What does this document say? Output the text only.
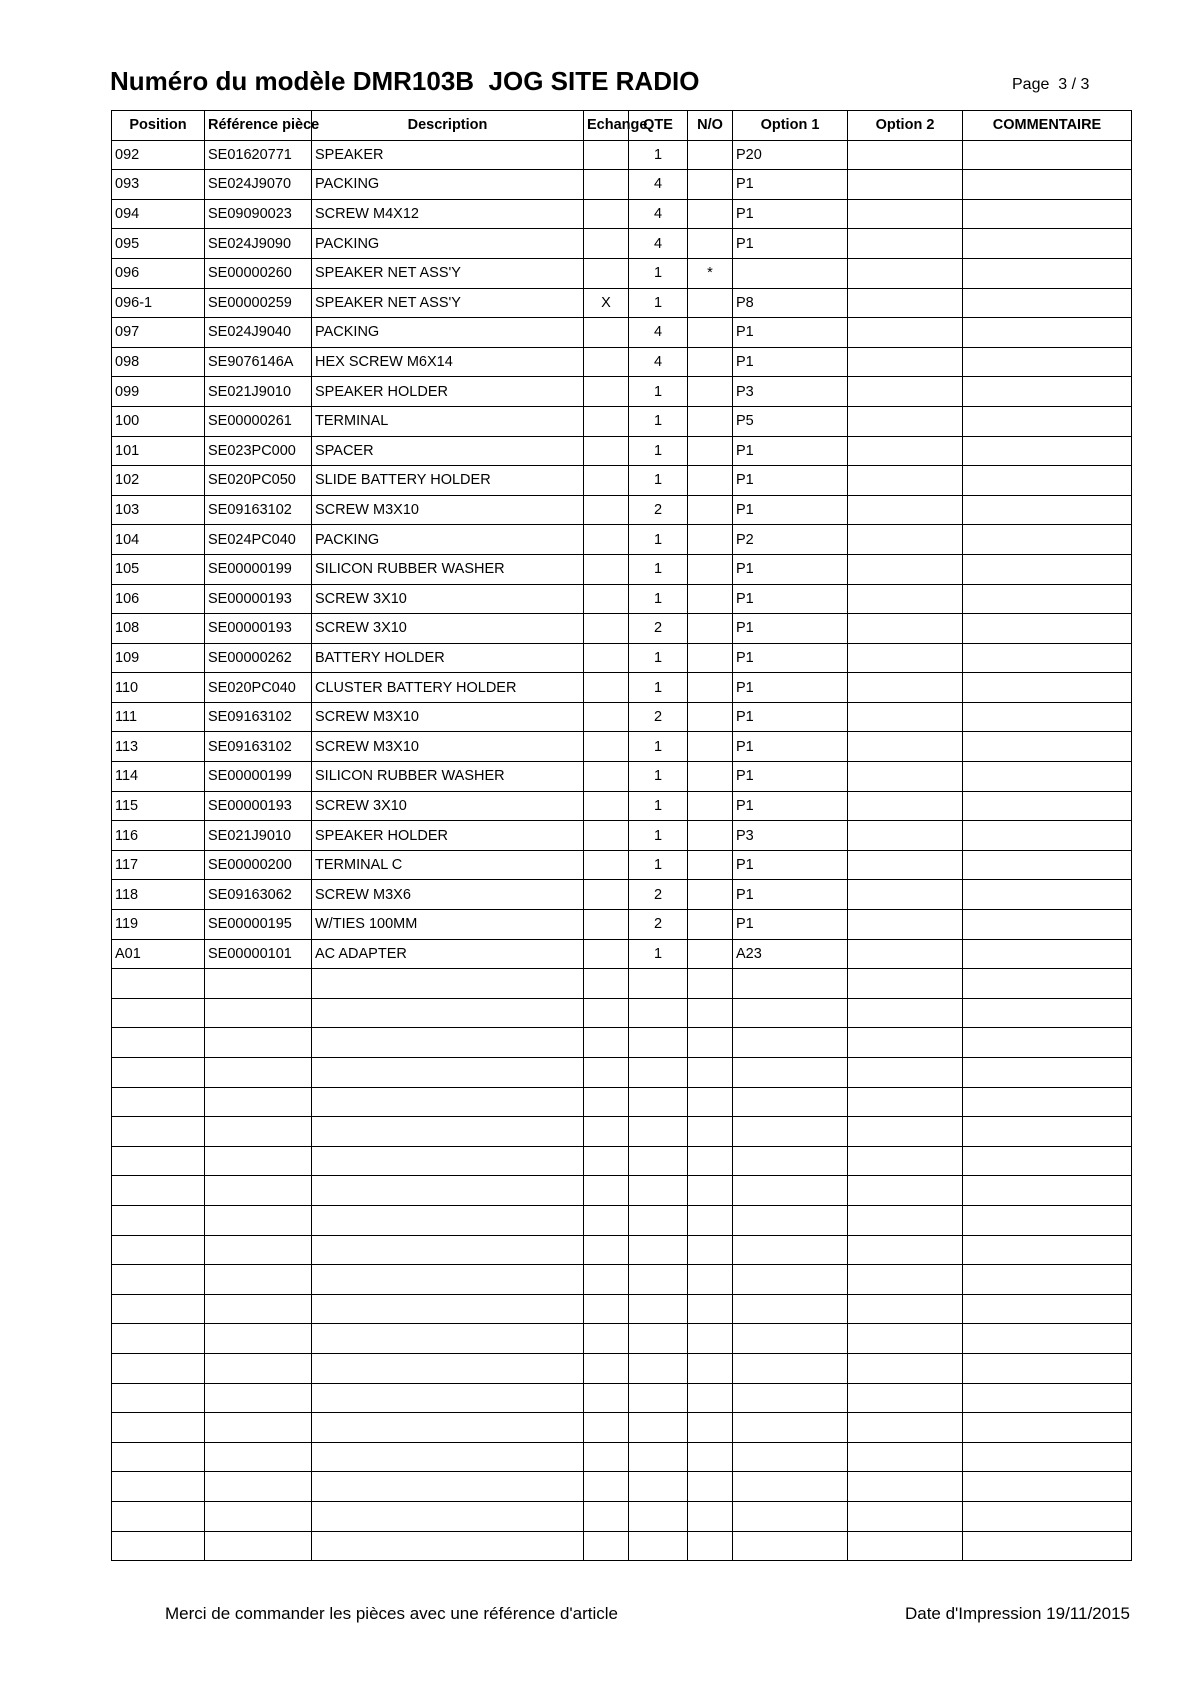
Numéro du modèle DMR103B  JOG SITE RADIO	Page  3 / 3
Position	Référence pièce	Description	Echange	QTE	N/O	Option 1	Option 2	COMMENTAIRE
092	SE01620771	SPEAKER		1		P20		
093	SE024J9070	PACKING		4		P1		
094	SE09090023	SCREW M4X12		4		P1		
095	SE024J9090	PACKING		4		P1		
096	SE00000260	SPEAKER NET ASS'Y		1	*			
096-1	SE00000259	SPEAKER NET ASS'Y	X	1		P8		
097	SE024J9040	PACKING		4		P1		
098	SE9076146A	HEX SCREW M6X14		4		P1		
099	SE021J9010	SPEAKER HOLDER		1		P3		
100	SE00000261	TERMINAL		1		P5		
101	SE023PC000	SPACER		1		P1		
102	SE020PC050	SLIDE BATTERY HOLDER		1		P1		
103	SE09163102	SCREW M3X10		2		P1		
104	SE024PC040	PACKING		1		P2		
105	SE00000199	SILICON RUBBER WASHER		1		P1		
106	SE00000193	SCREW 3X10		1		P1		
108	SE00000193	SCREW 3X10		2		P1		
109	SE00000262	BATTERY HOLDER		1		P1		
110	SE020PC040	CLUSTER BATTERY HOLDER		1		P1		
111	SE09163102	SCREW M3X10		2		P1		
113	SE09163102	SCREW M3X10		1		P1		
114	SE00000199	SILICON RUBBER WASHER		1		P1		
115	SE00000193	SCREW 3X10		1		P1		
116	SE021J9010	SPEAKER HOLDER		1		P3		
117	SE00000200	TERMINAL C		1		P1		
118	SE09163062	SCREW M3X6		2		P1		
119	SE00000195	W/TIES 100MM		2		P1		
A01	SE00000101	AC ADAPTER		1		A23		

Merci de commander les pièces avec une référence d'article	Date d'Impression 19/11/2015
